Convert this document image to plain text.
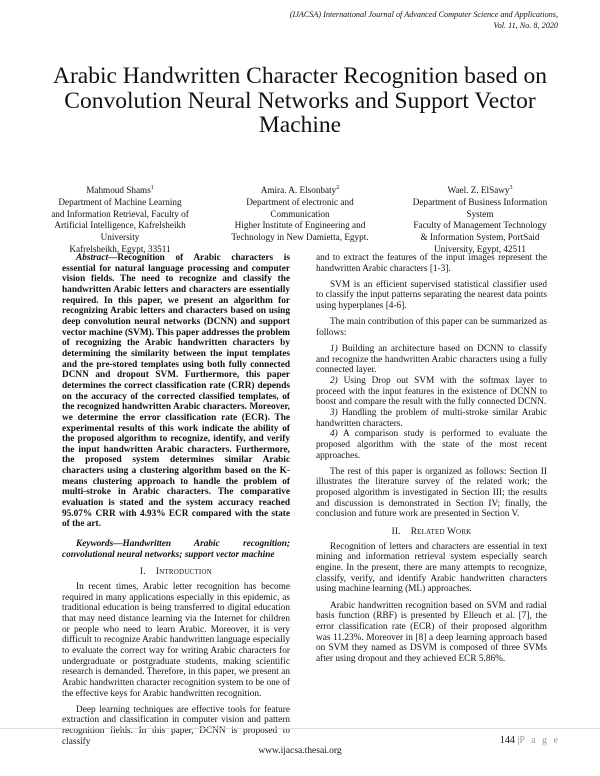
(IJACSA) International Journal of Advanced Computer Science and Applications,
Vol. 11, No. 8, 2020
Arabic Handwritten Character Recognition based on Convolution Neural Networks and Support Vector Machine
Mahmoud Shams$^1$
Department of Machine Learning
and Information Retrieval, Faculty of
Artificial Intelligence, Kafrelsheikh
University
Kafrelsheikh, Egypt, 33511
Amira. A. Elsonbaty$^2$
Department of electronic and
Communication
Higher Institute of Engineering and
Technology in New Damietta, Egypt.
Wael. Z. ElSawy$^3$
Department of Business Information
System
Faculty of Management Technology
& Information System, PortSaid
University, Egypt, 42511

Abstract—Recognition of Arabic characters is essential for natural language processing and computer vision fields. The need to recognize and classify the handwritten Arabic letters and characters are essentially required. In this paper, we present an algorithm for recognizing Arabic letters and characters based on using deep convolution neural networks (DCNN) and support vector machine (SVM). This paper addresses the problem of recognizing the Arabic handwritten characters by determining the similarity between the input templates and the pre-stored templates using both fully connected DCNN and dropout SVM. Furthermore, this paper determines the correct classification rate (CRR) depends on the accuracy of the corrected classified templates, of the recognized handwritten Arabic characters. Moreover, we determine the error classification rate (ECR). The experimental results of this work indicate the ability of the proposed algorithm to recognize, identify, and verify the input handwritten Arabic characters. Furthermore, the proposed system determines similar Arabic characters using a clustering algorithm based on the K-means clustering approach to handle the problem of multi-stroke in Arabic characters. The comparative evaluation is stated and the system accuracy reached 95.07% CRR with 4.93% ECR compared with the state of the art.

Keywords—Handwritten Arabic recognition; convolutional neural networks; support vector machine

I. Introduction

In recent times, Arabic letter recognition has become required in many applications especially in this epidemic, as traditional education is being transferred to digital education that may need distance learning via the Internet for children or people who need to learn Arabic. Moreover, it is very difficult to recognize Arabic handwritten language especially to evaluate the correct way for writing Arabic characters for undergraduate or postgraduate students, making scientific research is demanded. Therefore, in this paper, we present an Arabic handwritten character recognition system to be one of the effective keys for Arabic handwritten recognition.

Deep learning techniques are effective tools for feature extraction and classification in computer vision and pattern recognition fields. In this paper, DCNN is proposed to classify

and to extract the features of the input images represent the handwritten Arabic characters [1-3].

SVM is an efficient supervised statistical classifier used to classify the input patterns separating the nearest data points using hyperplanes [4-6].

The main contribution of this paper can be summarized as follows:

1) Building an architecture based on DCNN to classify and recognize the handwritten Arabic characters using a fully connected layer.

2) Using Drop out SVM with the softmax layer to proceed with the input features in the existence of DCNN to boost and compare the result with the fully connected DCNN.

3) Handling the problem of multi-stroke similar Arabic handwritten characters.

4) A comparison study is performed to evaluate the proposed algorithm with the state of the most recent approaches.

The rest of this paper is organized as follows: Section II illustrates the literature survey of the related work; the proposed algorithm is investigated in Section III; the results and discussion is demonstrated in Section IV; finally, the conclusion and future work are presented in Section V.

II. Related Work

Recognition of letters and characters are essential in text mining and information retrieval system especially search engine. In the present, there are many attempts to recognize, classify, verify, and identify Arabic handwritten characters using machine learning (ML) approaches.

Arabic handwritten recognition based on SVM and radial basis function (RBF) is presented by Elleuch et al. [7], the error classification rate (ECR) of their proposed algorithm was 11.23%. Moreover in [8] a deep learning approach based on SVM they named as DSVM is composed of three SVMs after using dropout and they achieved ECR 5.86%.

144 |P a g e
www.ijacsa.thesai.org
